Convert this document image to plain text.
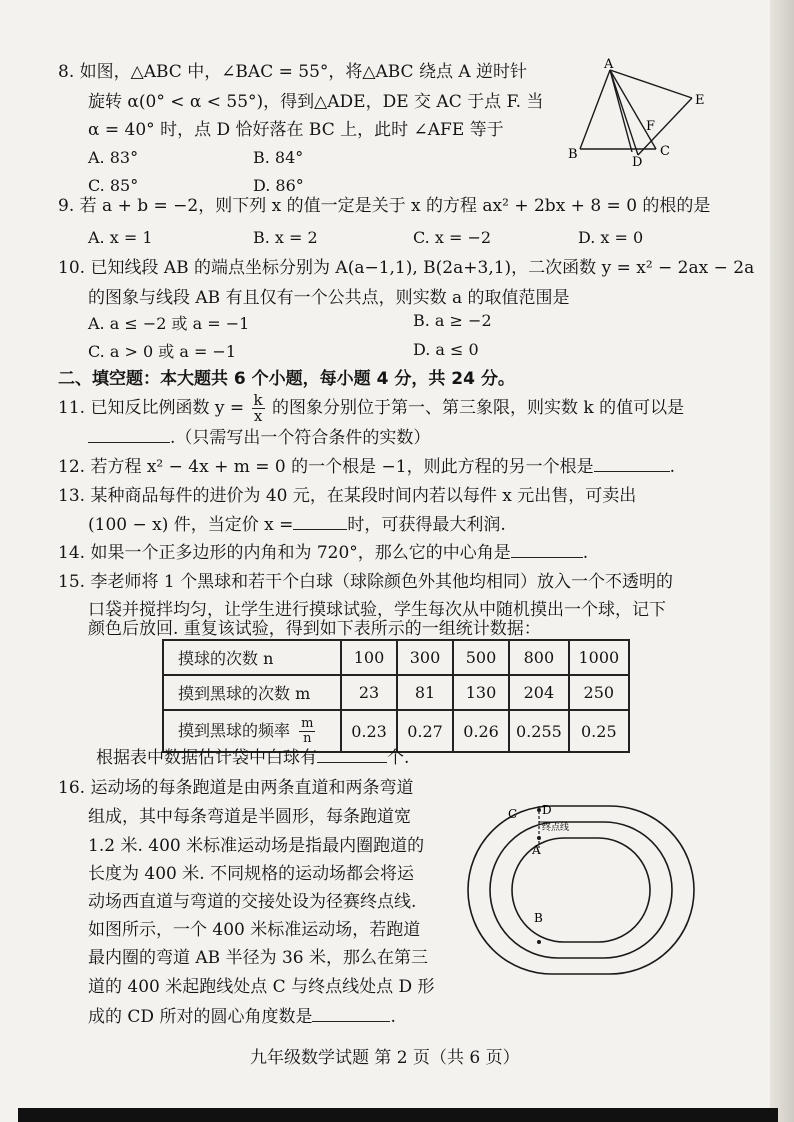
8. 如图，△ABC 中，∠BAC = 55°，将△ABC 绕点 A 逆时针
旋转 α(0° < α < 55°)，得到△ADE，DE 交 AC 于点 F. 当
α = 40° 时，点 D 恰好落在 BC 上，此时 ∠AFE 等于
A. 83°	B. 84°
C. 85°	D. 86°
A
B	C
D
E
F
9. 若 a + b = −2，则下列 x 的值一定是关于 x 的方程 ax² + 2bx + 8 = 0 的根的是
A. x = 1	B. x = 2	C. x = −2	D. x = 0
10. 已知线段 AB 的端点坐标分别为 A(a−1,1), B(2a+3,1)，二次函数 y = x² − 2ax − 2a
的图象与线段 AB 有且仅有一个公共点，则实数 a 的取值范围是
A. a ≤ −2 或 a = −1	B. a ≥ −2
C. a > 0 或 a = −1	D. a ≤ 0
二、填空题：本大题共 6 个小题，每小题 4 分，共 24 分。
11. 已知反比例函数 $y = \frac{k}{x}$ 的图象分别位于第一、第三象限，则实数 k 的值可以是
.（只需写出一个符合条件的实数）
12. 若方程 x² − 4x + m = 0 的一个根是 −1，则此方程的另一个根是	.
13. 某种商品每件的进价为 40 元，在某段时间内若以每件 x 元出售，可卖出
(100 − x) 件，当定价 x =	时，可获得最大利润.
14. 如果一个正多边形的内角和为 720°，那么它的中心角是	.
15. 李老师将 1 个黑球和若干个白球（球除颜色外其他均相同）放入一个不透明的
口袋并搅拌均匀，让学生进行摸球试验，学生每次从中随机摸出一个球，记下
颜色后放回. 重复该试验，得到如下表所示的一组统计数据：
摸球的次数 n	100	300	500	800	1000
摸到黑球的次数 m	23	81	130	204	250
摸到黑球的频率 $\frac{m}{n}$	0.23	0.27	0.26	0.255	0.25
根据表中数据估计袋中白球有	个.
16. 运动场的每条跑道是由两条直道和两条弯道
组成，其中每条弯道是半圆形，每条跑道宽
1.2 米. 400 米标准运动场是指最内圈跑道的
长度为 400 米. 不同规格的运动场都会将运
动场西直道与弯道的交接处设为径赛终点线.
如图所示，一个 400 米标准运动场，若跑道
最内圈的弯道 AB 半径为 36 米，那么在第三
道的 400 米起跑线处点 C 与终点线处点 D 形
成的 CD 所对的圆心角度数是	.
C D
终点线
A
B
九年级数学试题 第 2 页（共 6 页）
